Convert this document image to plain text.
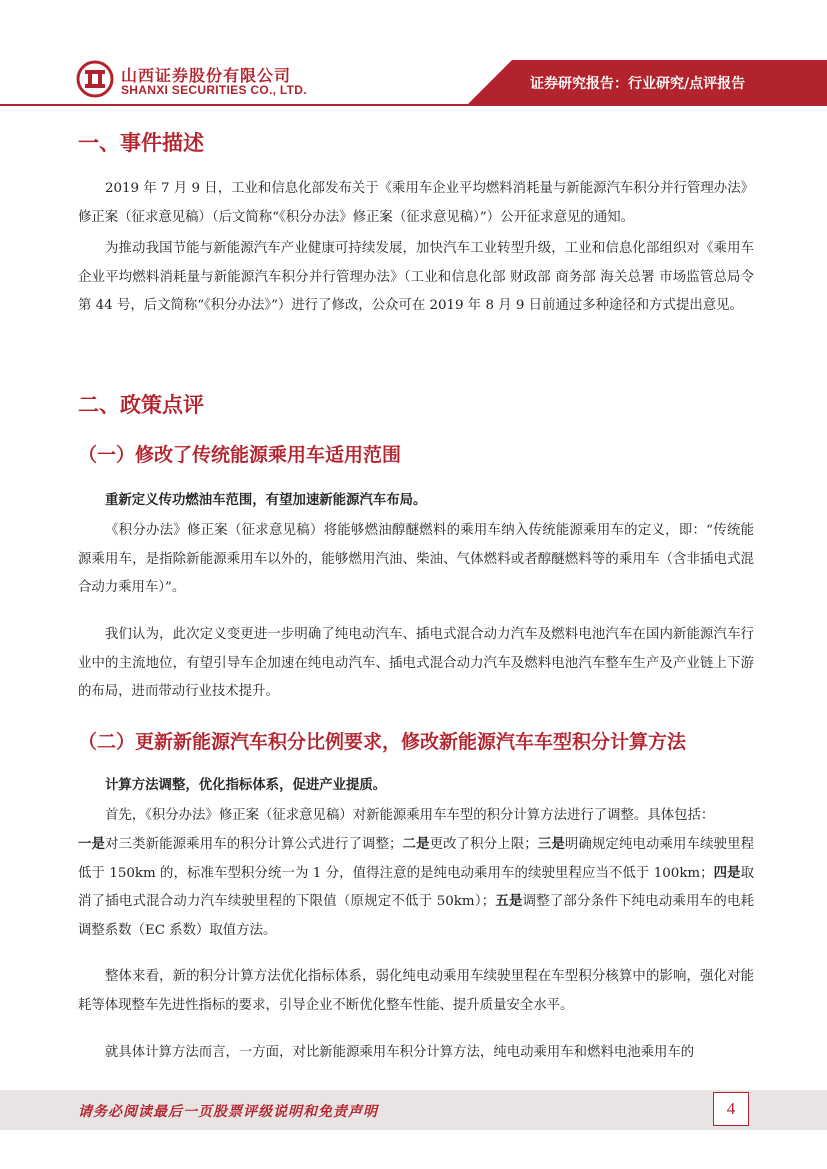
山西证券股份有限公司
SHANXI SECURITIES CO., LTD.	证券研究报告：行业研究/点评报告
一、事件描述
2019 年 7 月 9 日，工业和信息化部发布关于《乘用车企业平均燃料消耗量与新能源汽车积分并行管理办法》修正案（征求意见稿）（后文简称“《积分办法》修正案（征求意见稿）”）公开征求意见的通知。
为推动我国节能与新能源汽车产业健康可持续发展，加快汽车工业转型升级，工业和信息化部组织对《乘用车企业平均燃料消耗量与新能源汽车积分并行管理办法》（工业和信息化部 财政部 商务部 海关总署 市场监管总局令 第 44 号，后文简称“《积分办法》”）进行了修改，公众可在 2019 年 8 月 9 日前通过多种途径和方式提出意见。
二、政策点评
（一）修改了传统能源乘用车适用范围
重新定义传功燃油车范围，有望加速新能源汽车布局。
《积分办法》修正案（征求意见稿）将能够燃油醇醚燃料的乘用车纳入传统能源乘用车的定义，即：“传统能源乘用车，是指除新能源乘用车以外的，能够燃用汽油、柴油、气体燃料或者醇醚燃料等的乘用车（含非插电式混合动力乘用车）”。
我们认为，此次定义变更进一步明确了纯电动汽车、插电式混合动力汽车及燃料电池汽车在国内新能源汽车行业中的主流地位，有望引导车企加速在纯电动汽车、插电式混合动力汽车及燃料电池汽车整车生产及产业链上下游的布局，进而带动行业技术提升。
（二）更新新能源汽车积分比例要求，修改新能源汽车车型积分计算方法
计算方法调整，优化指标体系，促进产业提质。
首先，《积分办法》修正案（征求意见稿）对新能源乘用车车型的积分计算方法进行了调整。具体包括：
一是对三类新能源乘用车的积分计算公式进行了调整；二是更改了积分上限；三是明确规定纯电动乘用车续驶里程低于 150km 的，标准车型积分统一为 1 分，值得注意的是纯电动乘用车的续驶里程应当不低于 100km；四是取消了插电式混合动力汽车续驶里程的下限值（原规定不低于 50km）；五是调整了部分条件下纯电动乘用车的电耗调整系数（EC 系数）取值方法。
整体来看，新的积分计算方法优化指标体系，弱化纯电动乘用车续驶里程在车型积分核算中的影响，强化对能耗等体现整车先进性指标的要求，引导企业不断优化整车性能、提升质量安全水平。
就具体计算方法而言，一方面，对比新能源乘用车积分计算方法，纯电动乘用车和燃料电池乘用车的
请务必阅读最后一页股票评级说明和免责声明	4
